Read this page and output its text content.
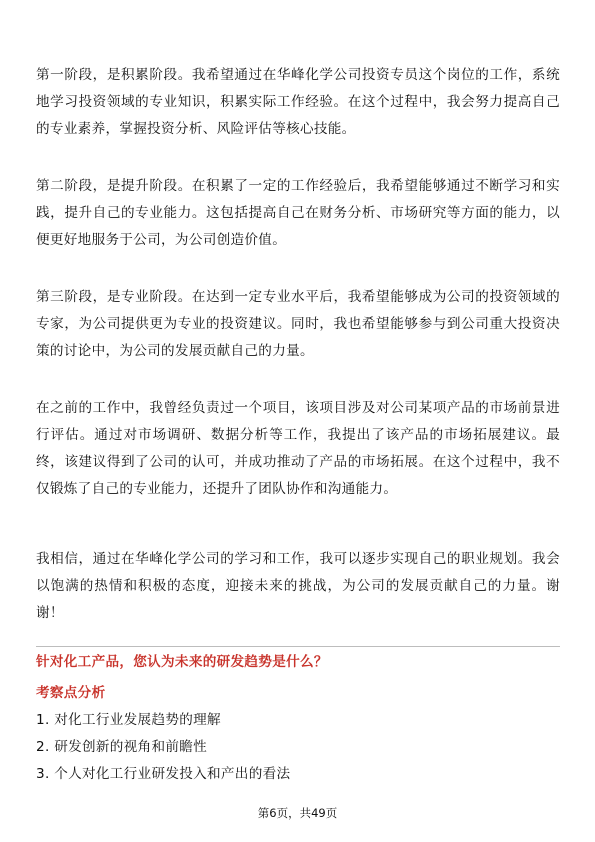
第一阶段，是积累阶段。我希望通过在华峰化学公司投资专员这个岗位的工作，系统地学习投资领域的专业知识，积累实际工作经验。在这个过程中，我会努力提高自己的专业素养，掌握投资分析、风险评估等核心技能。

第二阶段，是提升阶段。在积累了一定的工作经验后，我希望能够通过不断学习和实践，提升自己的专业能力。这包括提高自己在财务分析、市场研究等方面的能力，以便更好地服务于公司，为公司创造价值。

第三阶段，是专业阶段。在达到一定专业水平后，我希望能够成为公司的投资领域的专家，为公司提供更为专业的投资建议。同时，我也希望能够参与到公司重大投资决策的讨论中，为公司的发展贡献自己的力量。

在之前的工作中，我曾经负责过一个项目，该项目涉及对公司某项产品的市场前景进行评估。通过对市场调研、数据分析等工作，我提出了该产品的市场拓展建议。最终，该建议得到了公司的认可，并成功推动了产品的市场拓展。在这个过程中，我不仅锻炼了自己的专业能力，还提升了团队协作和沟通能力。

我相信，通过在华峰化学公司的学习和工作，我可以逐步实现自己的职业规划。我会以饱满的热情和积极的态度，迎接未来的挑战，为公司的发展贡献自己的力量。谢谢！

针对化工产品，您认为未来的研发趋势是什么？

考察点分析

1. 对化工行业发展趋势的理解
2. 研发创新的视角和前瞻性
3. 个人对化工行业研发投入和产出的看法
第6页，共49页
